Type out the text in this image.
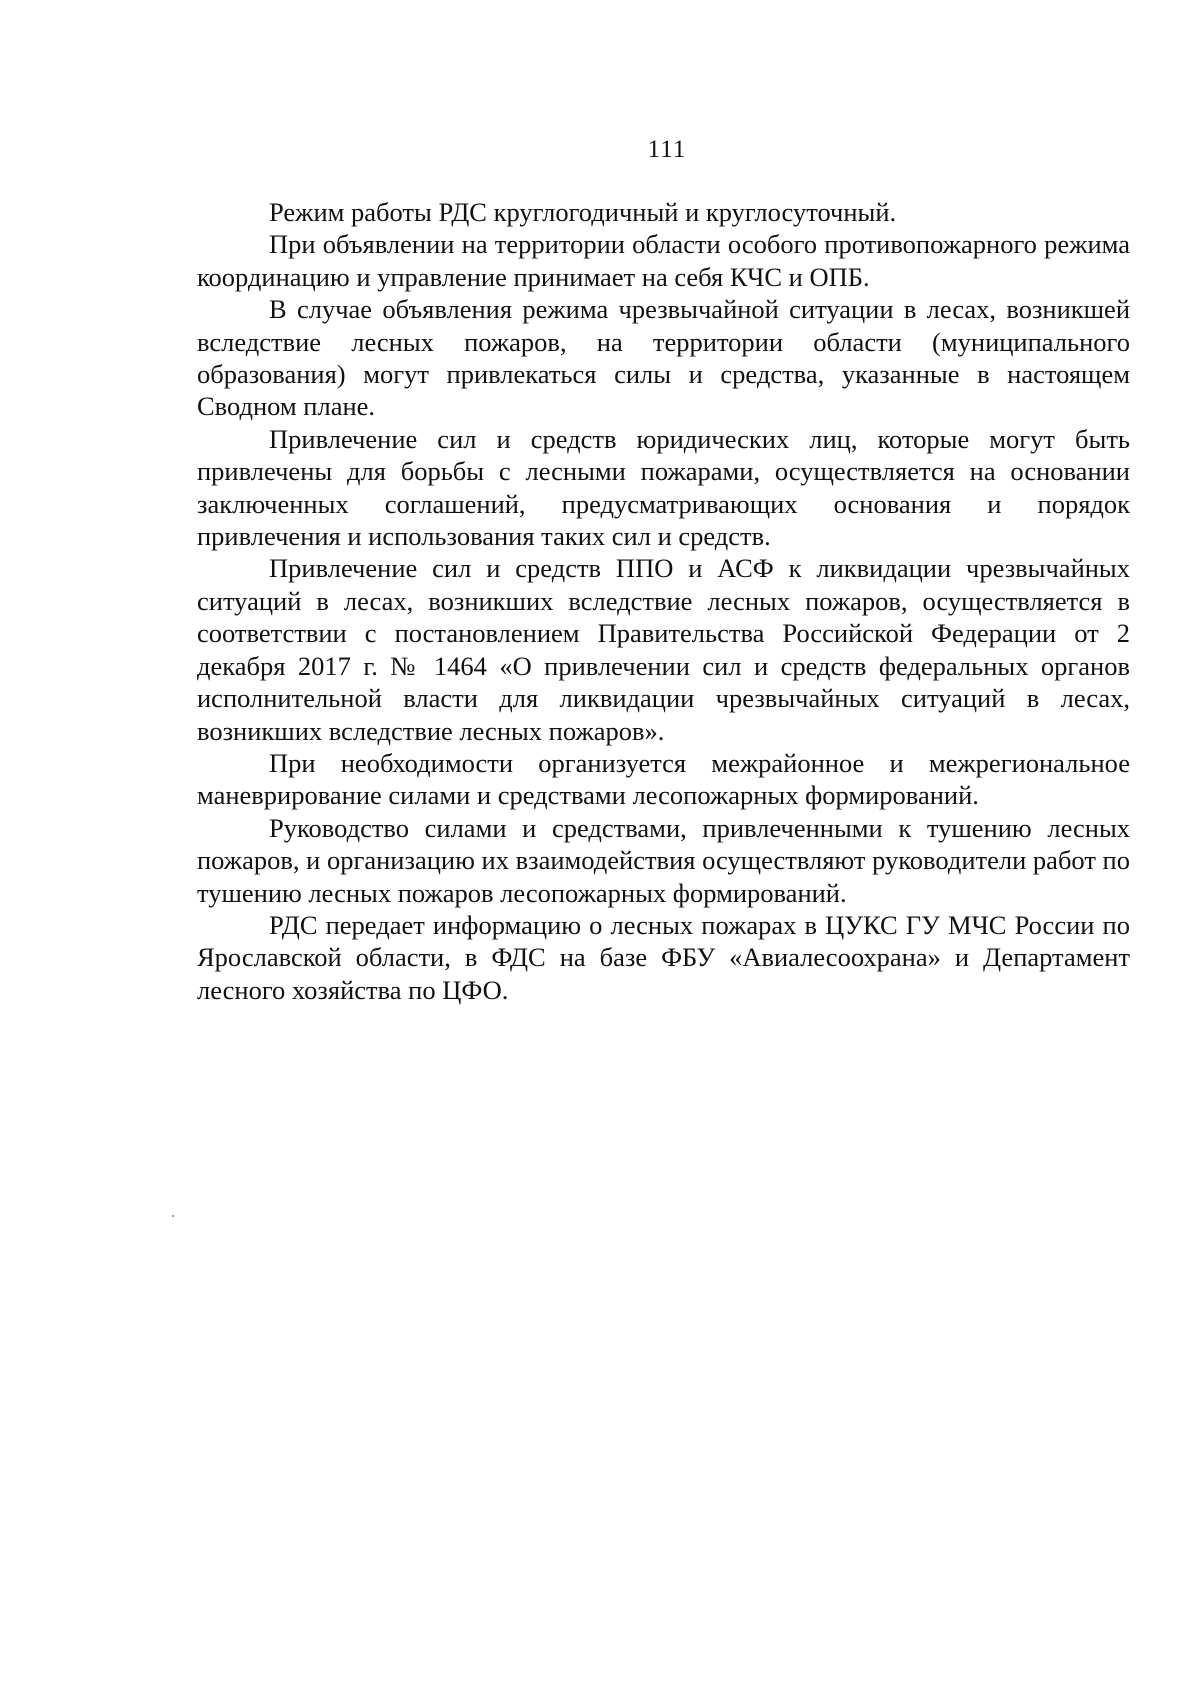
111

Режим работы РДС круглогодичный и круглосуточный.

При объявлении на территории области особого противопожарного режима координацию и управление принимает на себя КЧС и ОПБ.

В случае объявления режима чрезвычайной ситуации в лесах, возникшей вследствие лесных пожаров, на территории области (муниципального образования) могут привлекаться силы и средства, указанные в настоящем Сводном плане.

Привлечение сил и средств юридических лиц, которые могут быть привлечены для борьбы с лесными пожарами, осуществляется на основании заключенных соглашений, предусматривающих основания и порядок привлечения и использования таких сил и средств.

Привлечение сил и средств ППО и АСФ к ликвидации чрезвычайных ситуаций в лесах, возникших вследствие лесных пожаров, осуществляется в соответствии с постановлением Правительства Российской Федерации от 2 декабря 2017 г. № 1464 «О привлечении сил и средств федеральных органов исполнительной власти для ликвидации чрезвычайных ситуаций в лесах, возникших вследствие лесных пожаров».

При необходимости организуется межрайонное и межрегиональное маневрирование силами и средствами лесопожарных формирований.

Руководство силами и средствами, привлеченными к тушению лесных пожаров, и организацию их взаимодействия осуществляют руководители работ по тушению лесных пожаров лесопожарных формирований.

РДС передает информацию о лесных пожарах в ЦУКС ГУ МЧС России по Ярославской области, в ФДС на базе ФБУ «Авиалесоохрана» и Департамент лесного хозяйства по ЦФО.
